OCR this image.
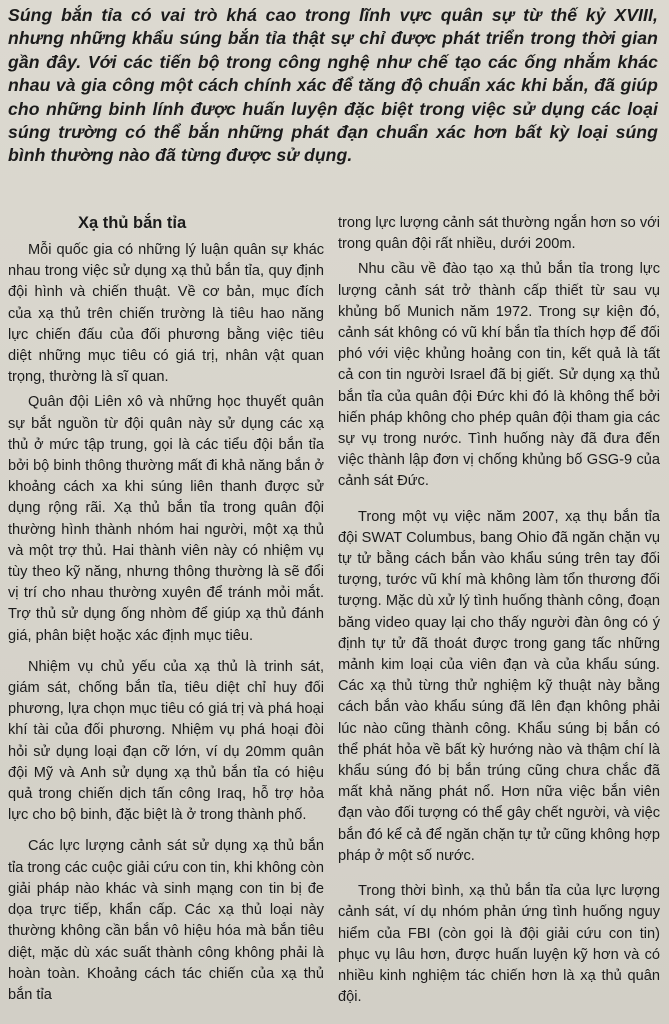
Súng bắn tỉa có vai trò khá cao trong lĩnh vực quân sự từ thế kỷ XVIII, nhưng những khẩu súng bắn tỉa thật sự chỉ được phát triển trong thời gian gần đây. Với các tiến bộ trong công nghệ như chế tạo các ống nhắm khác nhau và gia công một cách chính xác để tăng độ chuẩn xác khi bắn, đã giúp cho những binh lính được huấn luyện đặc biệt trong việc sử dụng các loại súng trường có thể bắn những phát đạn chuẩn xác hơn bất kỳ loại súng bình thường nào đã từng được sử dụng.
Xạ thủ bắn tỉa

Mỗi quốc gia có những lý luận quân sự khác nhau trong việc sử dụng xạ thủ bắn tỉa, quy định đội hình và chiến thuật. Về cơ bản, mục đích của xạ thủ trên chiến trường là tiêu hao năng lực chiến đấu của đối phương bằng việc tiêu diệt những mục tiêu có giá trị, nhân vật quan trọng, thường là sĩ quan.

Quân đội Liên xô và những học thuyết quân sự bắt nguồn từ đội quân này sử dụng các xạ thủ ở mức tập trung, gọi là các tiểu đội bắn tỉa bởi bộ binh thông thường mất đi khả năng bắn ở khoảng cách xa khi súng liên thanh được sử dụng rộng rãi. Xạ thủ bắn tỉa trong quân đội thường hình thành nhóm hai người, một xạ thủ và một trợ thủ. Hai thành viên này có nhiệm vụ tùy theo kỹ năng, nhưng thông thường là sẽ đổi vị trí cho nhau thường xuyên để tránh mỏi mắt. Trợ thủ sử dụng ống nhòm để giúp xạ thủ đánh giá, phân biệt hoặc xác định mục tiêu.

Nhiệm vụ chủ yếu của xạ thủ là trinh sát, giám sát, chống bắn tỉa, tiêu diệt chỉ huy đối phương, lựa chọn mục tiêu có giá trị và phá hoại khí tài của đối phương. Nhiệm vụ phá hoại đòi hỏi sử dụng loại đạn cỡ lớn, ví dụ 20mm quân đội Mỹ và Anh sử dụng xạ thủ bắn tỉa có hiệu quả trong chiến dịch tấn công Iraq, hỗ trợ hỏa lực cho bộ binh, đặc biệt là ở trong thành phố.

Các lực lượng cảnh sát sử dụng xạ thủ bắn tỉa trong các cuộc giải cứu con tin, khi không còn giải pháp nào khác và sinh mạng con tin bị đe dọa trực tiếp, khẩn cấp. Các xạ thủ loại này thường không cần bắn vô hiệu hóa mà bắn tiêu diệt, mặc dù xác suất thành công không phải là hoàn toàn. Khoảng cách tác chiến của xạ thủ bắn tỉa

trong lực lượng cảnh sát thường ngắn hơn so với trong quân đội rất nhiều, dưới 200m.

Nhu cầu về đào tạo xạ thủ bắn tỉa trong lực lượng cảnh sát trở thành cấp thiết từ sau vụ khủng bố Munich năm 1972. Trong sự kiện đó, cảnh sát không có vũ khí bắn tỉa thích hợp để đối phó với việc khủng hoảng con tin, kết quả là tất cả con tin người Israel đã bị giết. Sử dụng xạ thủ bắn tỉa của quân đội Đức khi đó là không thể bởi hiến pháp không cho phép quân đội tham gia các sự vụ trong nước. Tình huống này đã đưa đến việc thành lập đơn vị chống khủng bố GSG-9 của cảnh sát Đức.

Trong một vụ việc năm 2007, xạ thụ bắn tỉa đội SWAT Columbus, bang Ohio đã ngăn chặn vụ tự tử bằng cách bắn vào khẩu súng trên tay đối tượng, tước vũ khí mà không làm tổn thương đối tượng. Mặc dù xử lý tình huống thành công, đoạn băng video quay lại cho thấy người đàn ông có ý định tự tử đã thoát được trong gang tấc những mảnh kim loại của viên đạn và của khẩu súng. Các xạ thủ từng thử nghiệm kỹ thuật này bằng cách bắn vào khẩu súng đã lên đạn không phải lúc nào cũng thành công. Khẩu súng bị bắn có thể phát hỏa về bất kỳ hướng nào và thậm chí là khẩu súng đó bị bắn trúng cũng chưa chắc đã mất khả năng phát nổ. Hơn nữa việc bắn viên đạn vào đối tượng có thể gây chết người, và việc bắn đó kể cả để ngăn chặn tự tử cũng không hợp pháp ở một số nước.

Trong thời bình, xạ thủ bắn tỉa của lực lượng cảnh sát, ví dụ nhóm phản ứng tình huống nguy hiểm của FBI (còn gọi là đội giải cứu con tin) phục vụ lâu hơn, được huấn luyện kỹ hơn và có nhiều kinh nghiệm tác chiến hơn là xạ thủ quân đội.
